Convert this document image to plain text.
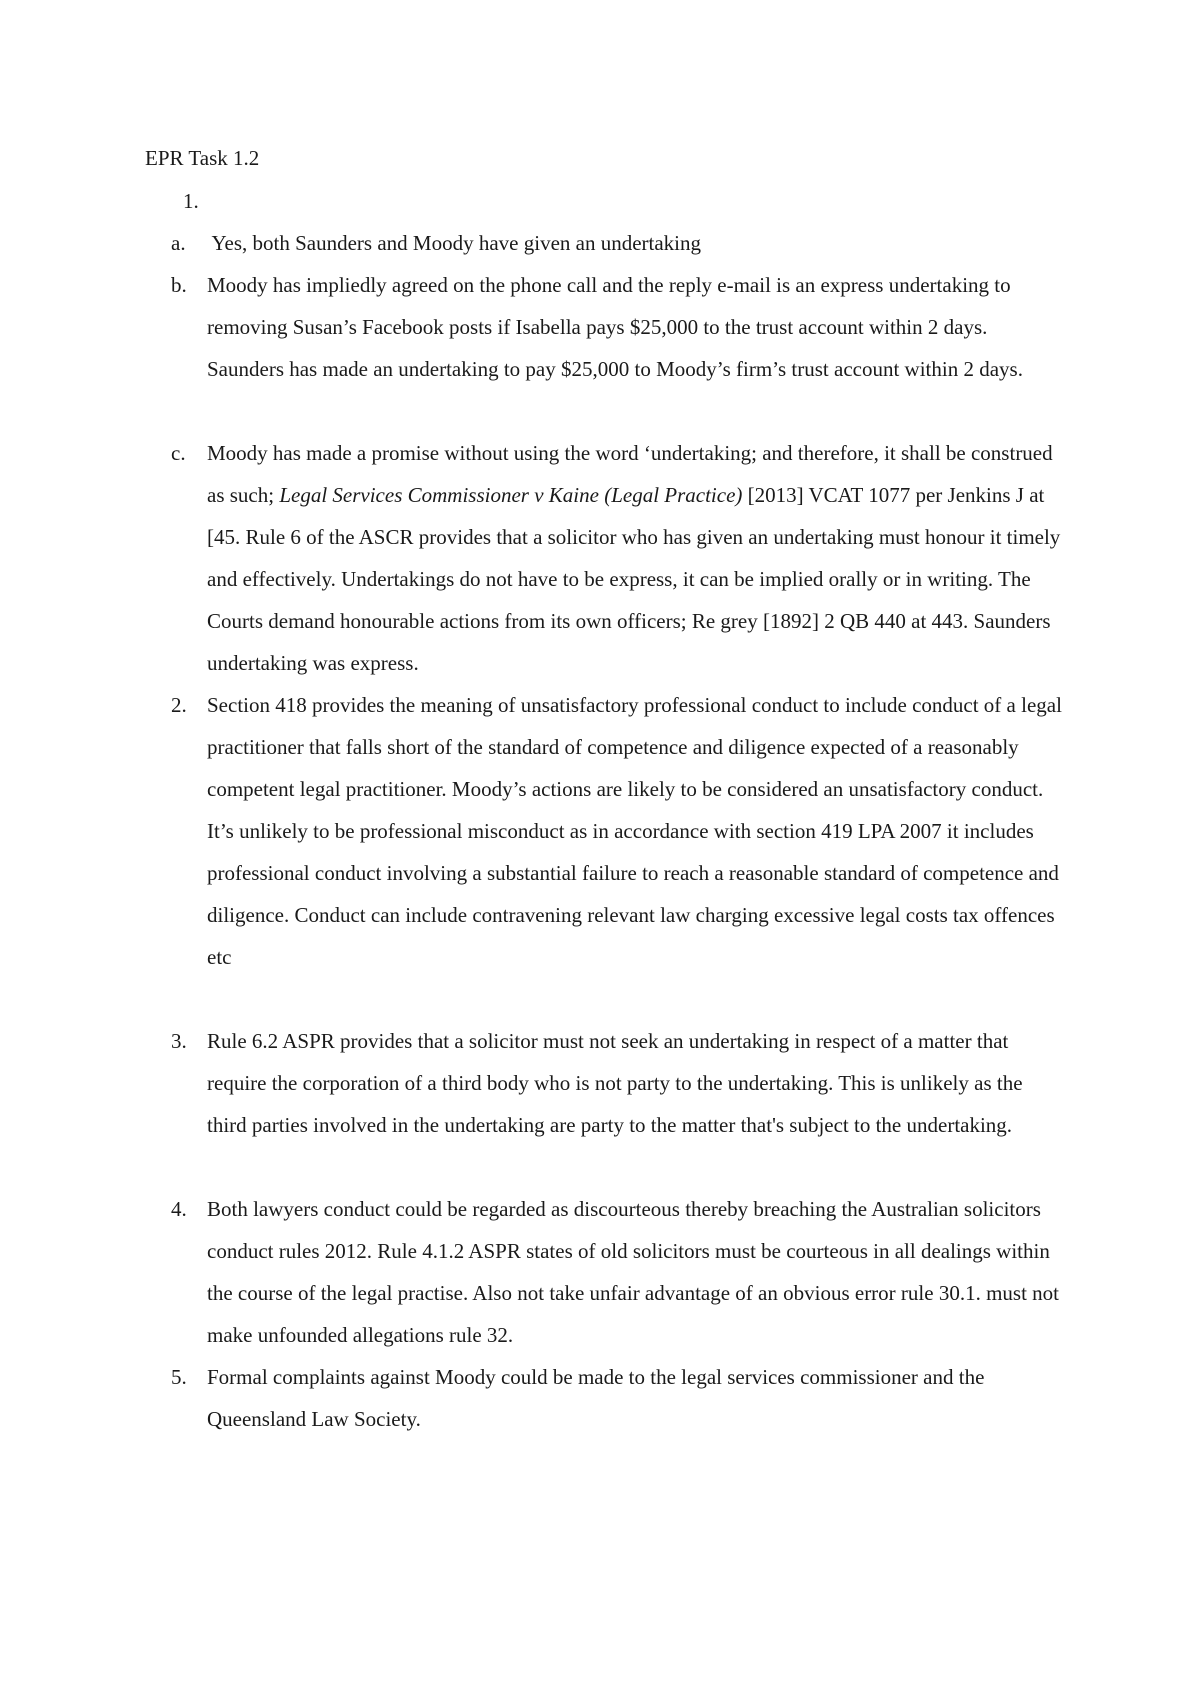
EPR Task 1.2
1.

a. Yes, both Saunders and Moody have given an undertaking
b. Moody has impliedly agreed on the phone call and the reply e-mail is an express undertaking to removing Susan’s Facebook posts if Isabella pays $25,000 to the trust account within 2 days. Saunders has made an undertaking to pay $25,000 to Moody’s firm’s trust account within 2 days.
c. Moody has made a promise without using the word ‘undertaking; and therefore, it shall be construed as such; Legal Services Commissioner v Kaine (Legal Practice) [2013] VCAT 1077 per Jenkins J at [45. Rule 6 of the ASCR provides that a solicitor who has given an undertaking must honour it timely and effectively. Undertakings do not have to be express, it can be implied orally or in writing. The Courts demand honourable actions from its own officers; Re grey [1892] 2 QB 440 at 443. Saunders undertaking was express.
2. Section 418 provides the meaning of unsatisfactory professional conduct to include conduct of a legal practitioner that falls short of the standard of competence and diligence expected of a reasonably competent legal practitioner. Moody’s actions are likely to be considered an unsatisfactory conduct. It’s unlikely to be professional misconduct as in accordance with section 419 LPA 2007 it includes professional conduct involving a substantial failure to reach a reasonable standard of competence and diligence. Conduct can include contravening relevant law charging excessive legal costs tax offences etc
3. Rule 6.2 ASPR provides that a solicitor must not seek an undertaking in respect of a matter that require the corporation of a third body who is not party to the undertaking. This is unlikely as the third parties involved in the undertaking are party to the matter that's subject to the undertaking.
4. Both lawyers conduct could be regarded as discourteous thereby breaching the Australian solicitors conduct rules 2012. Rule 4.1.2 ASPR states of old solicitors must be courteous in all dealings within the course of the legal practise. Also not take unfair advantage of an obvious error rule 30.1. must not make unfounded allegations rule 32.
5. Formal complaints against Moody could be made to the legal services commissioner and the Queensland Law Society.
